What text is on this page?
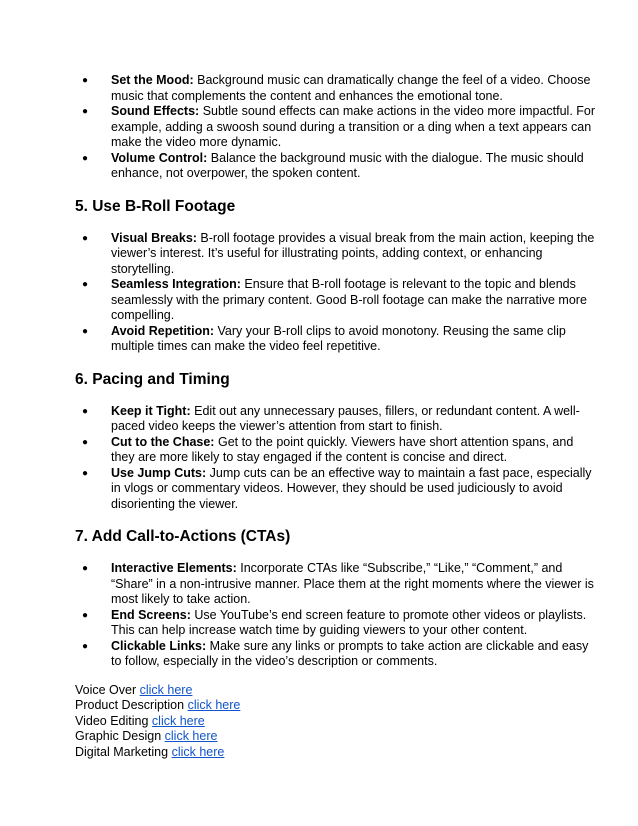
● Set the Mood: Background music can dramatically change the feel of a video. Choose music that complements the content and enhances the emotional tone.
● Sound Effects: Subtle sound effects can make actions in the video more impactful. For example, adding a swoosh sound during a transition or a ding when a text appears can make the video more dynamic.
● Volume Control: Balance the background music with the dialogue. The music should enhance, not overpower, the spoken content.
5. Use B-Roll Footage
● Visual Breaks: B-roll footage provides a visual break from the main action, keeping the viewer’s interest. It’s useful for illustrating points, adding context, or enhancing storytelling.
● Seamless Integration: Ensure that B-roll footage is relevant to the topic and blends seamlessly with the primary content. Good B-roll footage can make the narrative more compelling.
● Avoid Repetition: Vary your B-roll clips to avoid monotony. Reusing the same clip multiple times can make the video feel repetitive.
6. Pacing and Timing
● Keep it Tight: Edit out any unnecessary pauses, fillers, or redundant content. A well-paced video keeps the viewer’s attention from start to finish.
● Cut to the Chase: Get to the point quickly. Viewers have short attention spans, and they are more likely to stay engaged if the content is concise and direct.
● Use Jump Cuts: Jump cuts can be an effective way to maintain a fast pace, especially in vlogs or commentary videos. However, they should be used judiciously to avoid disorienting the viewer.
7. Add Call-to-Actions (CTAs)
● Interactive Elements: Incorporate CTAs like “Subscribe,” “Like,” “Comment,” and “Share” in a non-intrusive manner. Place them at the right moments where the viewer is most likely to take action.
● End Screens: Use YouTube’s end screen feature to promote other videos or playlists. This can help increase watch time by guiding viewers to your other content.
● Clickable Links: Make sure any links or prompts to take action are clickable and easy to follow, especially in the video’s description or comments.
Voice Over click here
Product Description click here
Video Editing click here
Graphic Design click here
Digital Marketing click here
